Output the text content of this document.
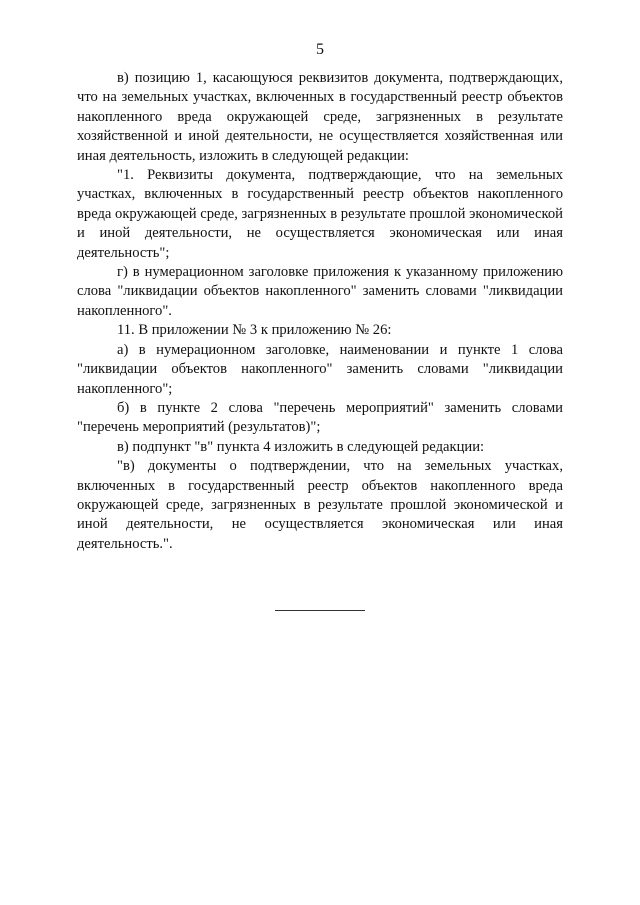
5

в) позицию 1, касающуюся реквизитов документа, подтверждающих, что на земельных участках, включенных в государственный реестр объектов накопленного вреда окружающей среде, загрязненных в результате хозяйственной и иной деятельности, не осуществляется хозяйственная или иная деятельность, изложить в следующей редакции:

"1. Реквизиты документа, подтверждающие, что на земельных участках, включенных в государственный реестр объектов накопленного вреда окружающей среде, загрязненных в результате прошлой экономической и иной деятельности, не осуществляется экономическая или иная деятельность";

г) в нумерационном заголовке приложения к указанному приложению слова "ликвидации объектов накопленного" заменить словами "ликвидации накопленного".

11. В приложении № 3 к приложению № 26:

а) в нумерационном заголовке, наименовании и пункте 1 слова "ликвидации объектов накопленного" заменить словами "ликвидации накопленного";

б) в пункте 2 слова "перечень мероприятий" заменить словами "перечень мероприятий (результатов)";

в) подпункт "в" пункта 4 изложить в следующей редакции:

"в) документы о подтверждении, что на земельных участках, включенных в государственный реестр объектов накопленного вреда окружающей среде, загрязненных в результате прошлой экономической и иной деятельности, не осуществляется экономическая или иная деятельность.".
